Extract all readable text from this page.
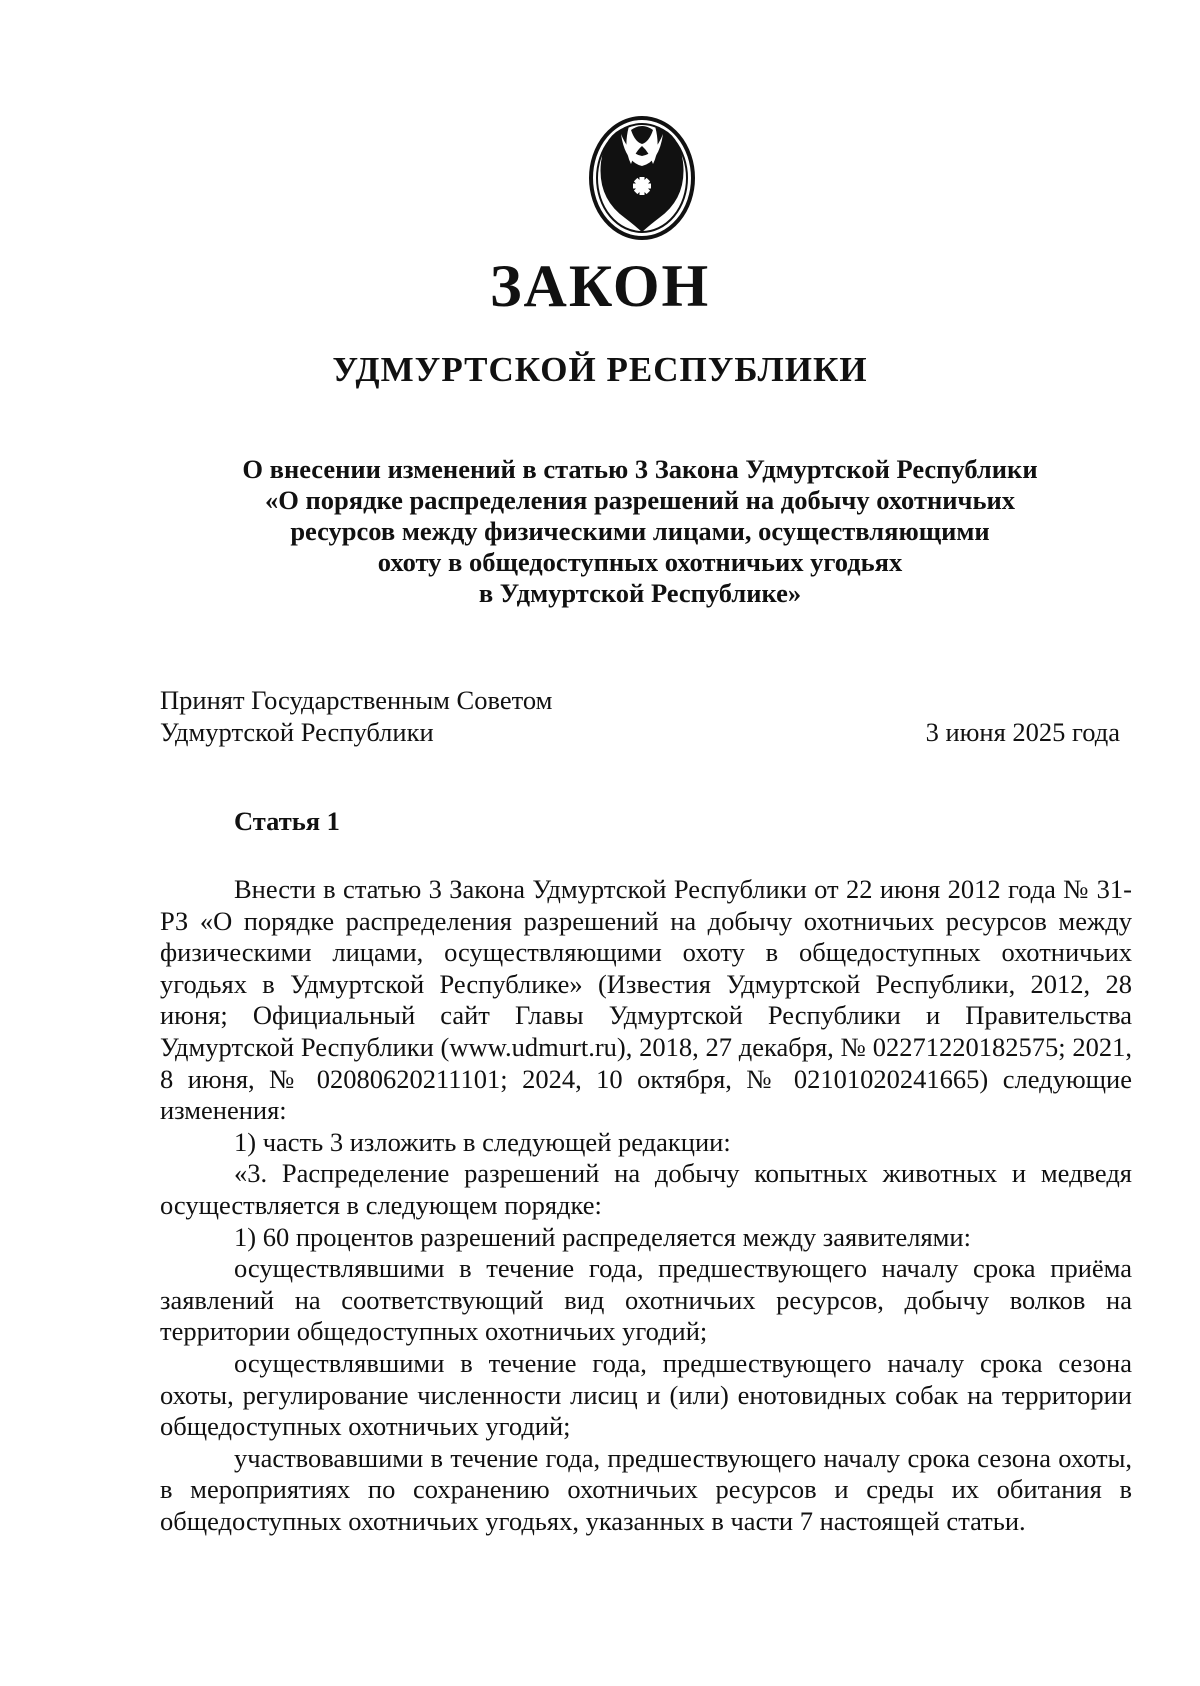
ЗАКОН
УДМУРТСКОЙ РЕСПУБЛИКИ
О внесении изменений в статью 3 Закона Удмуртской Республики
«О порядке распределения разрешений на добычу охотничьих
ресурсов между физическими лицами, осуществляющими
охоту в общедоступных охотничьих угодьях
в Удмуртской Республике»
Принят Государственным Советом
Удмуртской Республики	3 июня 2025 года
Статья 1

Внести в статью 3 Закона Удмуртской Республики от 22 июня 2012 года № 31-РЗ «О порядке распределения разрешений на добычу охотничьих ресурсов между физическими лицами, осуществляющими охоту в общедоступных охотничьих угодьях в Удмуртской Республике» (Известия Удмуртской Республики, 2012, 28 июня; Официальный сайт Главы Удмуртской Республики и Правительства Удмуртской Республики (www.udmurt.ru), 2018, 27 декабря, № 02271220182575; 2021, 8 июня, № 02080620211101; 2024, 10 октября, № 02101020241665) следующие изменения:

1) часть 3 изложить в следующей редакции:

«3. Распределение разрешений на добычу копытных животных и медведя осуществляется в следующем порядке:

1) 60 процентов разрешений распределяется между заявителями:

осуществлявшими в течение года, предшествующего началу срока приёма заявлений на соответствующий вид охотничьих ресурсов, добычу волков на территории общедоступных охотничьих угодий;

осуществлявшими в течение года, предшествующего началу срока сезона охоты, регулирование численности лисиц и (или) енотовидных собак на территории общедоступных охотничьих угодий;

участвовавшими в течение года, предшествующего началу срока сезона охоты, в мероприятиях по сохранению охотничьих ресурсов и среды их обитания в общедоступных охотничьих угодьях, указанных в части 7 настоящей статьи.
